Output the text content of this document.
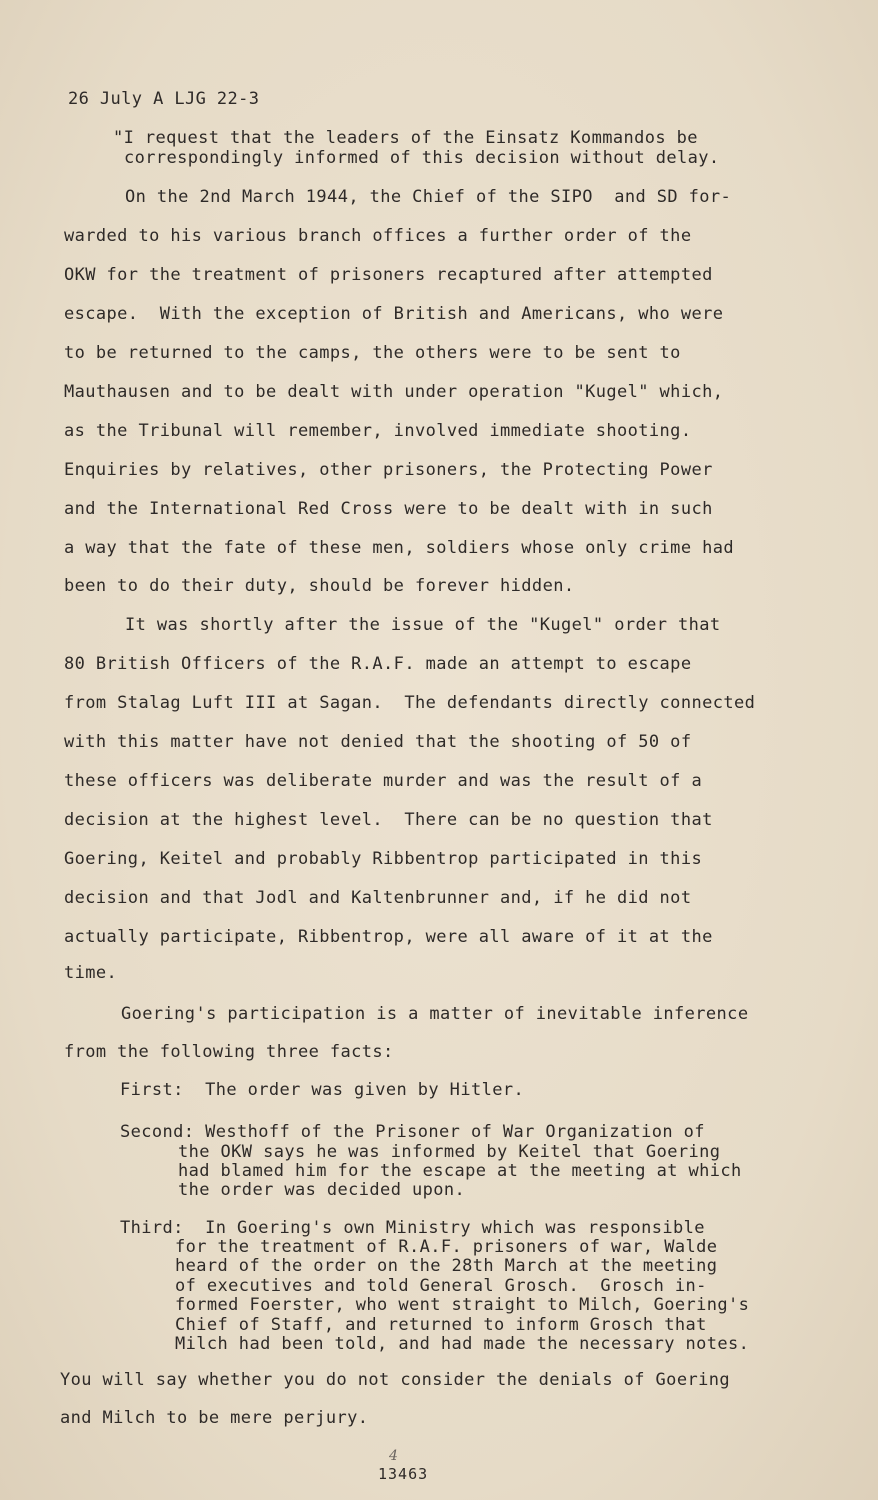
26 July A LJG 22-3
"I request that the leaders of the Einsatz Kommandos be
correspondingly informed of this decision without delay.
On the 2nd March 1944, the Chief of the SIPO  and SD for-
warded to his various branch offices a further order of the
OKW for the treatment of prisoners recaptured after attempted
escape.  With the exception of British and Americans, who were
to be returned to the camps, the others were to be sent to
Mauthausen and to be dealt with under operation "Kugel" which,
as the Tribunal will remember, involved immediate shooting.
Enquiries by relatives, other prisoners, the Protecting Power
and the International Red Cross were to be dealt with in such
a way that the fate of these men, soldiers whose only crime had
been to do their duty, should be forever hidden.
It was shortly after the issue of the "Kugel" order that
80 British Officers of the R.A.F. made an attempt to escape
from Stalag Luft III at Sagan.  The defendants directly connected
with this matter have not denied that the shooting of 50 of
these officers was deliberate murder and was the result of a
decision at the highest level.  There can be no question that
Goering, Keitel and probably Ribbentrop participated in this
decision and that Jodl and Kaltenbrunner and, if he did not
actually participate, Ribbentrop, were all aware of it at the
time.
Goering's participation is a matter of inevitable inference
from the following three facts:
First:  The order was given by Hitler.
Second: Westhoff of the Prisoner of War Organization of
the OKW says he was informed by Keitel that Goering
had blamed him for the escape at the meeting at which
the order was decided upon.
Third:  In Goering's own Ministry which was responsible
for the treatment of R.A.F. prisoners of war, Walde
heard of the order on the 28th March at the meeting
of executives and told General Grosch.  Grosch in-
formed Foerster, who went straight to Milch, Goering's
Chief of Staff, and returned to inform Grosch that
Milch had been told, and had made the necessary notes.
You will say whether you do not consider the denials of Goering
and Milch to be mere perjury.
4
13463
